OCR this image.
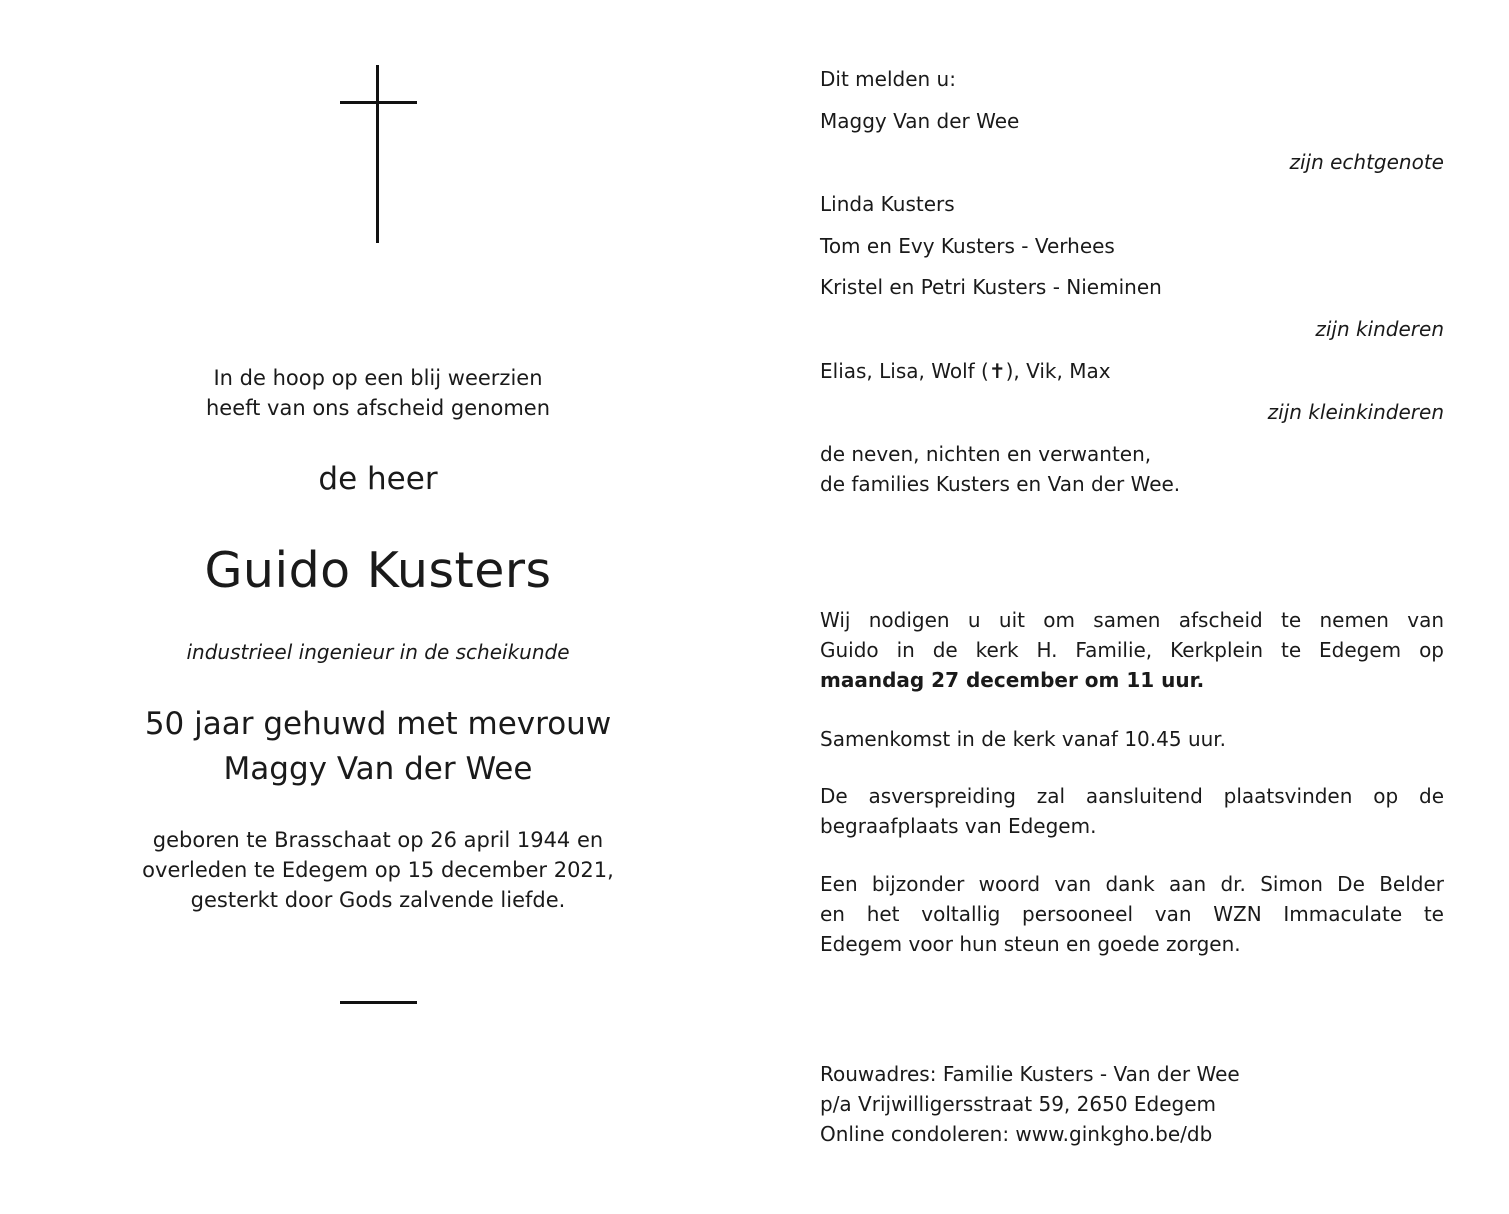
In de hoop op een blij weerzien
heeft van ons afscheid genomen
de heer
Guido Kusters
industrieel ingenieur in de scheikunde
50 jaar gehuwd met mevrouw
Maggy Van der Wee
geboren te Brasschaat op 26 april 1944 en
overleden te Edegem op 15 december 2021,
gesterkt door Gods zalvende liefde.
Dit melden u:
Maggy Van der Wee
zijn echtgenote
Linda Kusters
Tom en Evy Kusters - Verhees
Kristel en Petri Kusters - Nieminen
zijn kinderen
Elias, Lisa, Wolf (✝), Vik, Max
zijn kleinkinderen
de neven, nichten en verwanten,
de families Kusters en Van der Wee.
Wij nodigen u uit om samen afscheid te nemen van
Guido in de kerk H. Familie, Kerkplein te Edegem op
maandag 27 december om 11 uur.
Samenkomst in de kerk vanaf 10.45 uur.
De asverspreiding zal aansluitend plaatsvinden op de
begraafplaats van Edegem.
Een bijzonder woord van dank aan dr. Simon De Belder
en het voltallig persooneel van WZN Immaculate te
Edegem voor hun steun en goede zorgen.
Rouwadres: Familie Kusters - Van der Wee
p/a Vrijwilligersstraat 59, 2650 Edegem
Online condoleren: www.ginkgho.be/db
